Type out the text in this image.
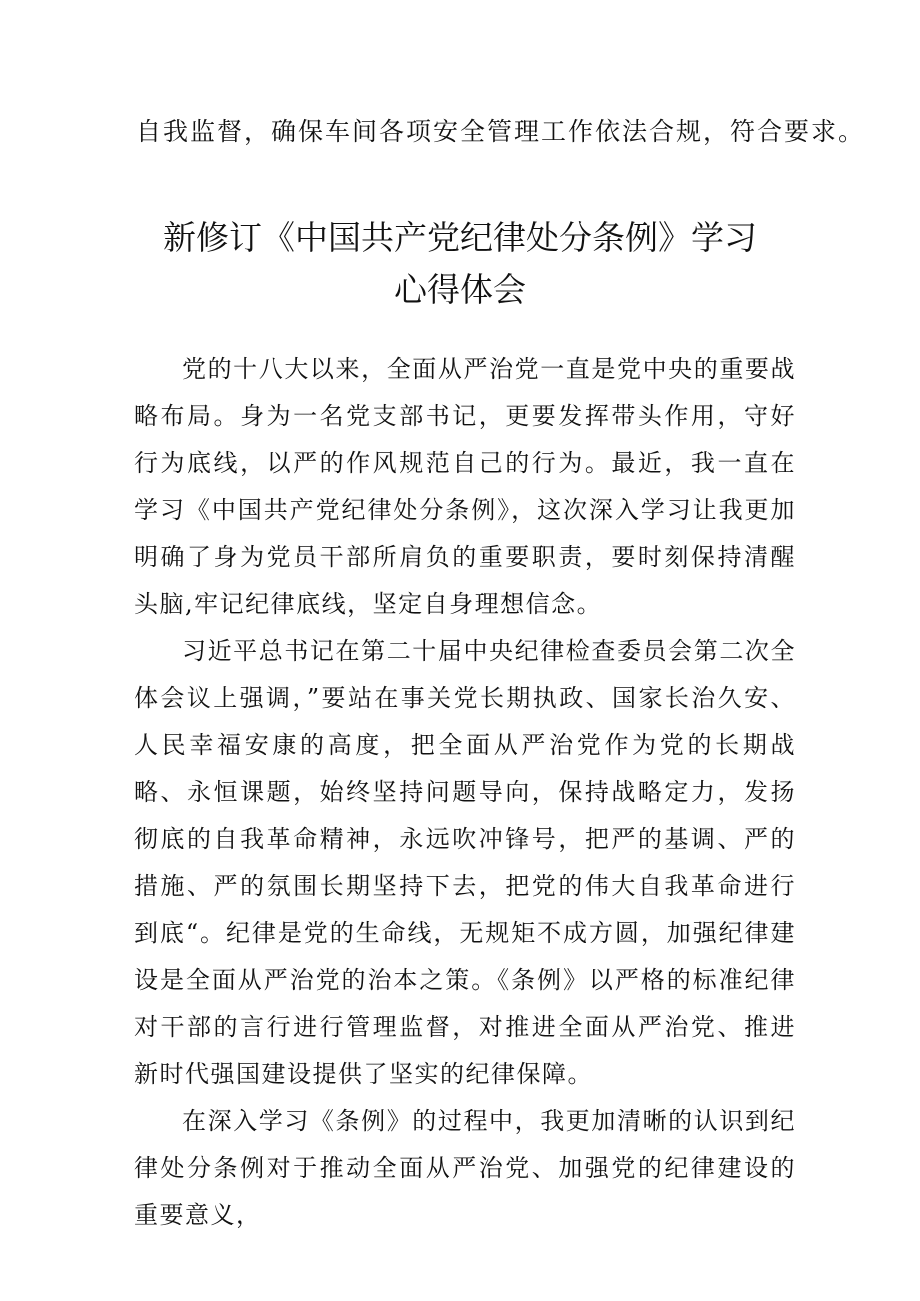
自我监督，确保车间各项安全管理工作依法合规，符合要求。
新修订《中国共产党纪律处分条例》学习
心得体会

党的十八大以来，全面从严治党一直是党中央的重要战略布局。身为一名党支部书记，更要发挥带头作用，守好行为底线，以严的作风规范自己的行为。最近，我一直在学习《中国共产党纪律处分条例》，这次深入学习让我更加明确了身为党员干部所肩负的重要职责，要时刻保持清醒头脑,牢记纪律底线，坚定自身理想信念。

习近平总书记在第二十届中央纪律检查委员会第二次全体会议上强调，”要站在事关党长期执政、国家长治久安、人民幸福安康的高度，把全面从严治党作为党的长期战略、永恒课题，始终坚持问题导向，保持战略定力，发扬彻底的自我革命精神，永远吹冲锋号，把严的基调、严的措施、严的氛围长期坚持下去，把党的伟大自我革命进行到底“。纪律是党的生命线，无规矩不成方圆，加强纪律建设是全面从严治党的治本之策。《条例》以严格的标准纪律对干部的言行进行管理监督，对推进全面从严治党、推进新时代强国建设提供了坚实的纪律保障。

在深入学习《条例》的过程中，我更加清晰的认识到纪律处分条例对于推动全面从严治党、加强党的纪律建设的重要意义，
